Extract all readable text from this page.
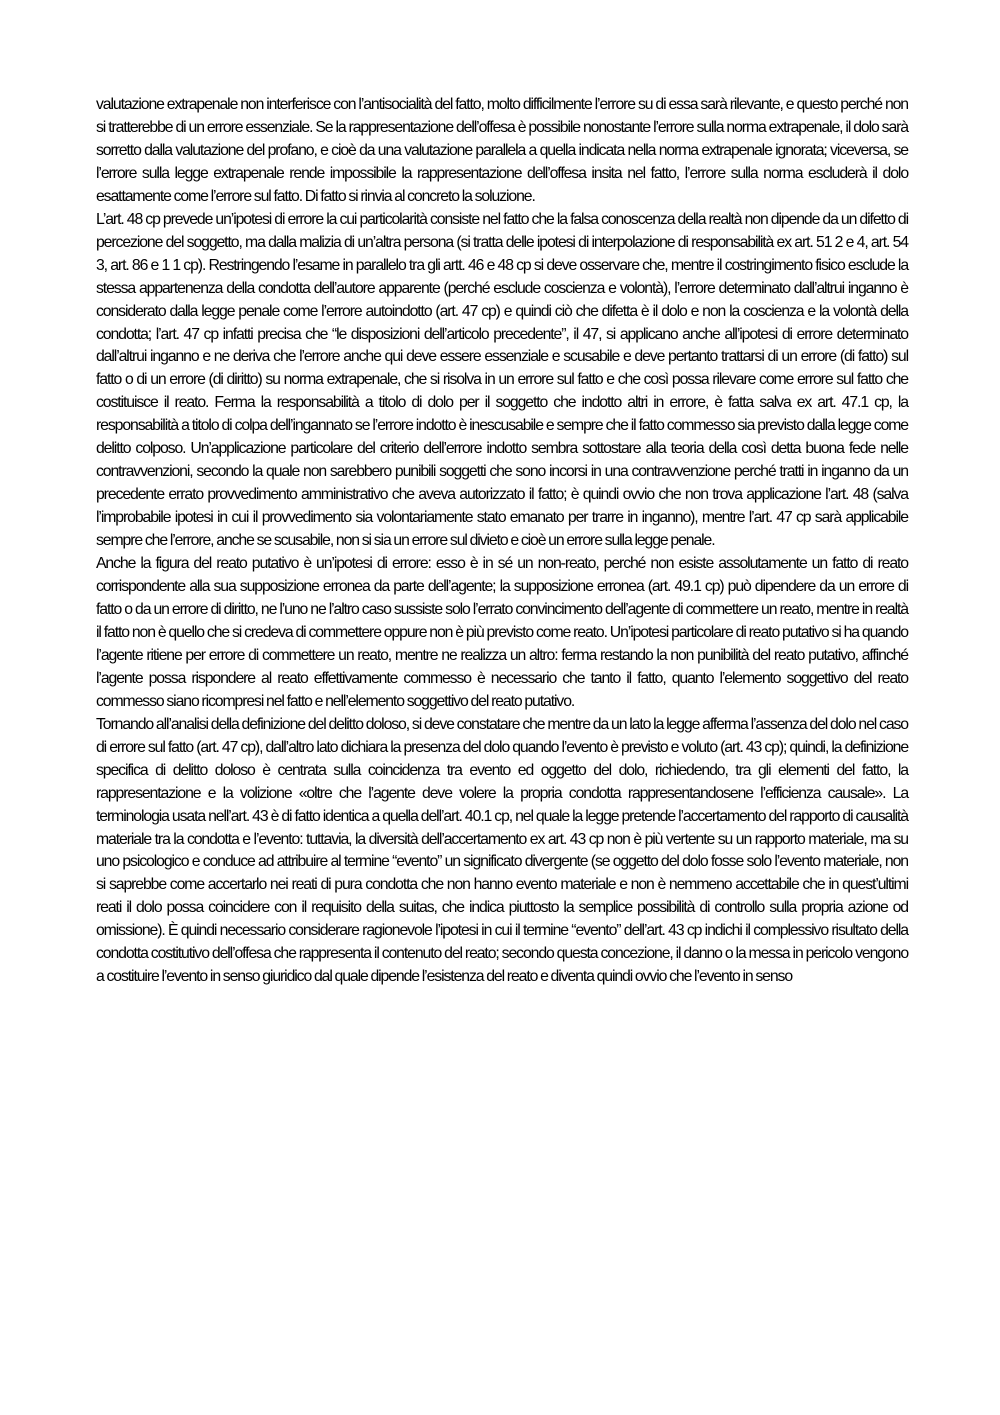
valutazione extrapenale non interferisce con l’antisocialità del fatto, molto difficilmente l’errore su di essa sarà rilevante, e questo perché non si tratterebbe di un errore essenziale. Se la rappresentazione dell’offesa è possibile nonostante l’errore sulla norma extrapenale, il dolo sarà sorretto dalla valutazione del profano, e cioè da una valutazione parallela a quella indicata nella norma extrapenale ignorata; viceversa, se l’errore sulla legge extrapenale rende impossibile la rappresentazione dell’offesa insita nel fatto, l’errore sulla norma escluderà il dolo esattamente come l’errore sul fatto. Di fatto si rinvia al concreto la soluzione.

L’art. 48 cp prevede un’ipotesi di errore la cui particolarità consiste nel fatto che la falsa conoscenza della realtà non dipende da un difetto di percezione del soggetto, ma dalla malizia di un’altra persona (si tratta delle ipotesi di interpolazione di responsabilità ex art. 51 2 e 4, art. 54 3, art. 86 e 1 1 cp). Restringendo l’esame in parallelo tra gli artt. 46 e 48 cp si deve osservare che, mentre il costringimento fisico esclude la stessa appartenenza della condotta dell’autore apparente (perché esclude coscienza e volontà), l’errore determinato dall’altrui inganno è considerato dalla legge penale come l’errore autoindotto (art. 47 cp) e quindi ciò che difetta è il dolo e non la coscienza e la volontà della condotta; l’art. 47 cp infatti precisa che “le disposizioni dell’articolo precedente”, il 47, si applicano anche all’ipotesi di errore determinato dall’altrui inganno e ne deriva che l’errore anche qui deve essere essenziale e scusabile e deve pertanto trattarsi di un errore (di fatto) sul fatto o di un errore (di diritto) su norma extrapenale, che si risolva in un errore sul fatto e che così possa rilevare come errore sul fatto che costituisce il reato. Ferma la responsabilità a titolo di dolo per il soggetto che indotto altri in errore, è fatta salva ex art. 47.1 cp, la responsabilità a titolo di colpa dell’ingannato se l’errore indotto è inescusabile e sempre che il fatto commesso sia previsto dalla legge come delitto colposo. Un’applicazione particolare del criterio dell’errore indotto sembra sottostare alla teoria della così detta buona fede nelle contravvenzioni, secondo la quale non sarebbero punibili soggetti che sono incorsi in una contravvenzione perché tratti in inganno da un precedente errato provvedimento amministrativo che aveva autorizzato il fatto; è quindi ovvio che non trova applicazione l’art. 48 (salva l’improbabile ipotesi in cui il provvedimento sia volontariamente stato emanato per trarre in inganno), mentre l’art. 47 cp sarà applicabile sempre che l’errore, anche se scusabile, non si sia un errore sul divieto e cioè un errore sulla legge penale.

Anche la figura del reato putativo è un’ipotesi di errore: esso è in sé un non-reato, perché non esiste assolutamente un fatto di reato corrispondente alla sua supposizione erronea da parte dell’agente; la supposizione erronea (art. 49.1 cp) può dipendere da un errore di fatto o da un errore di diritto, ne l’uno ne l’altro caso sussiste solo l’errato convincimento dell’agente di commettere un reato, mentre in realtà il fatto non è quello che si credeva di commettere oppure non è più previsto come reato. Un’ipotesi particolare di reato putativo si ha quando l’agente ritiene per errore di commettere un reato, mentre ne realizza un altro: ferma restando la non punibilità del reato putativo, affinché l’agente possa rispondere al reato effettivamente commesso è necessario che tanto il fatto, quanto l’elemento soggettivo del reato commesso siano ricompresi nel fatto e nell’elemento soggettivo del reato putativo.

Tornando all’analisi della definizione del delitto doloso, si deve constatare che mentre da un lato la legge afferma l’assenza del dolo nel caso di errore sul fatto (art. 47 cp), dall’altro lato dichiara la presenza del dolo quando l’evento è previsto e voluto (art. 43 cp); quindi, la definizione specifica di delitto doloso è centrata sulla coincidenza tra evento ed oggetto del dolo, richiedendo, tra gli elementi del fatto, la rappresentazione e la volizione «oltre che l’agente deve volere la propria condotta rappresentandosene l’efficienza causale». La terminologia usata nell’art. 43 è di fatto identica a quella dell’art. 40.1 cp, nel quale la legge pretende l’accertamento del rapporto di causalità materiale tra la condotta e l’evento: tuttavia, la diversità dell’accertamento ex art. 43 cp non è più vertente su un rapporto materiale, ma su uno psicologico e conduce ad attribuire al termine “evento” un significato divergente (se oggetto del dolo fosse solo l’evento materiale, non si saprebbe come accertarlo nei reati di pura condotta che non hanno evento materiale e non è nemmeno accettabile che in quest’ultimi reati il dolo possa coincidere con il requisito della suitas, che indica piuttosto la semplice possibilità di controllo sulla propria azione od omissione). È quindi necessario considerare ragionevole l’ipotesi in cui il termine “evento” dell’art. 43 cp indichi il complessivo risultato della condotta costitutivo dell’offesa che rappresenta il contenuto del reato; secondo questa concezione, il danno o la messa in pericolo vengono a costituire l’evento in senso giuridico dal quale dipende l’esistenza del reato e diventa quindi ovvio che l’evento in senso
